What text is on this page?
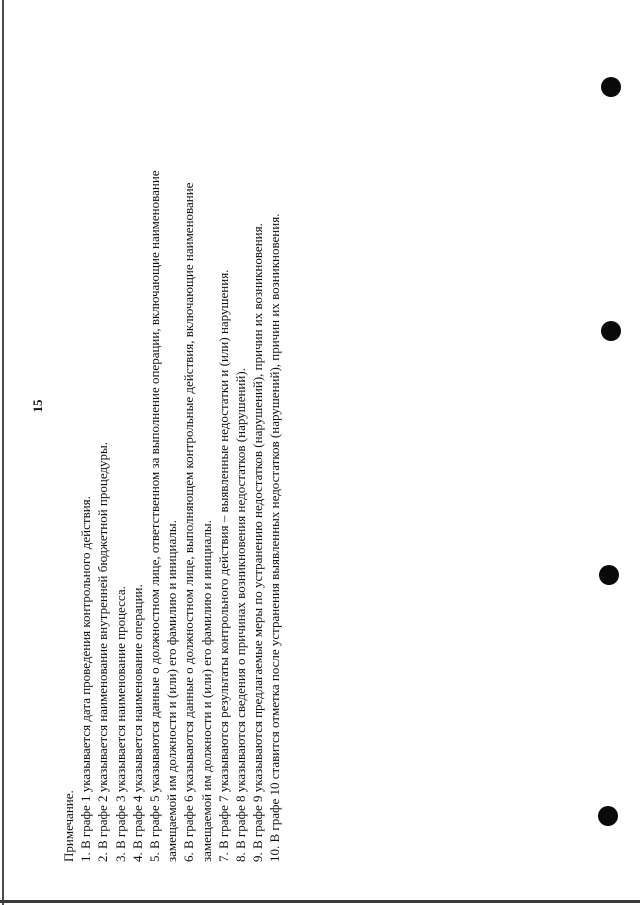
15

Примечание. 1. В графе 1 указывается дата проведения контрольного действия. 2. В графе 2 указывается наименование внутренней бюджетной процедуры. 3. В графе 3 указывается наименование процесса. 4. В графе 4 указывается наименование операции. 5. В графе 5 указываются данные о должностном лице, ответственном за выполнение операции, включающие наименование замещаемой им должности и (или) его фамилию и инициалы. 6. В графе 6 указываются данные о должностном лице, выполняющем контрольные действия, включающие наименование замещаемой им должности и (или) его фамилию и инициалы. 7. В графе 7 указываются результаты контрольного действия – выявленные недостатки и (или) нарушения. 8. В графе 8 указываются сведения о причинах возникновения недостатков (нарушений). 9. В графе 9 указываются предлагаемые меры по устранению недостатков (нарушений), причин их возникновения. 10. В графе 10 ставится отметка после устранения выявленных недостатков (нарушений), причин их возникновения.
